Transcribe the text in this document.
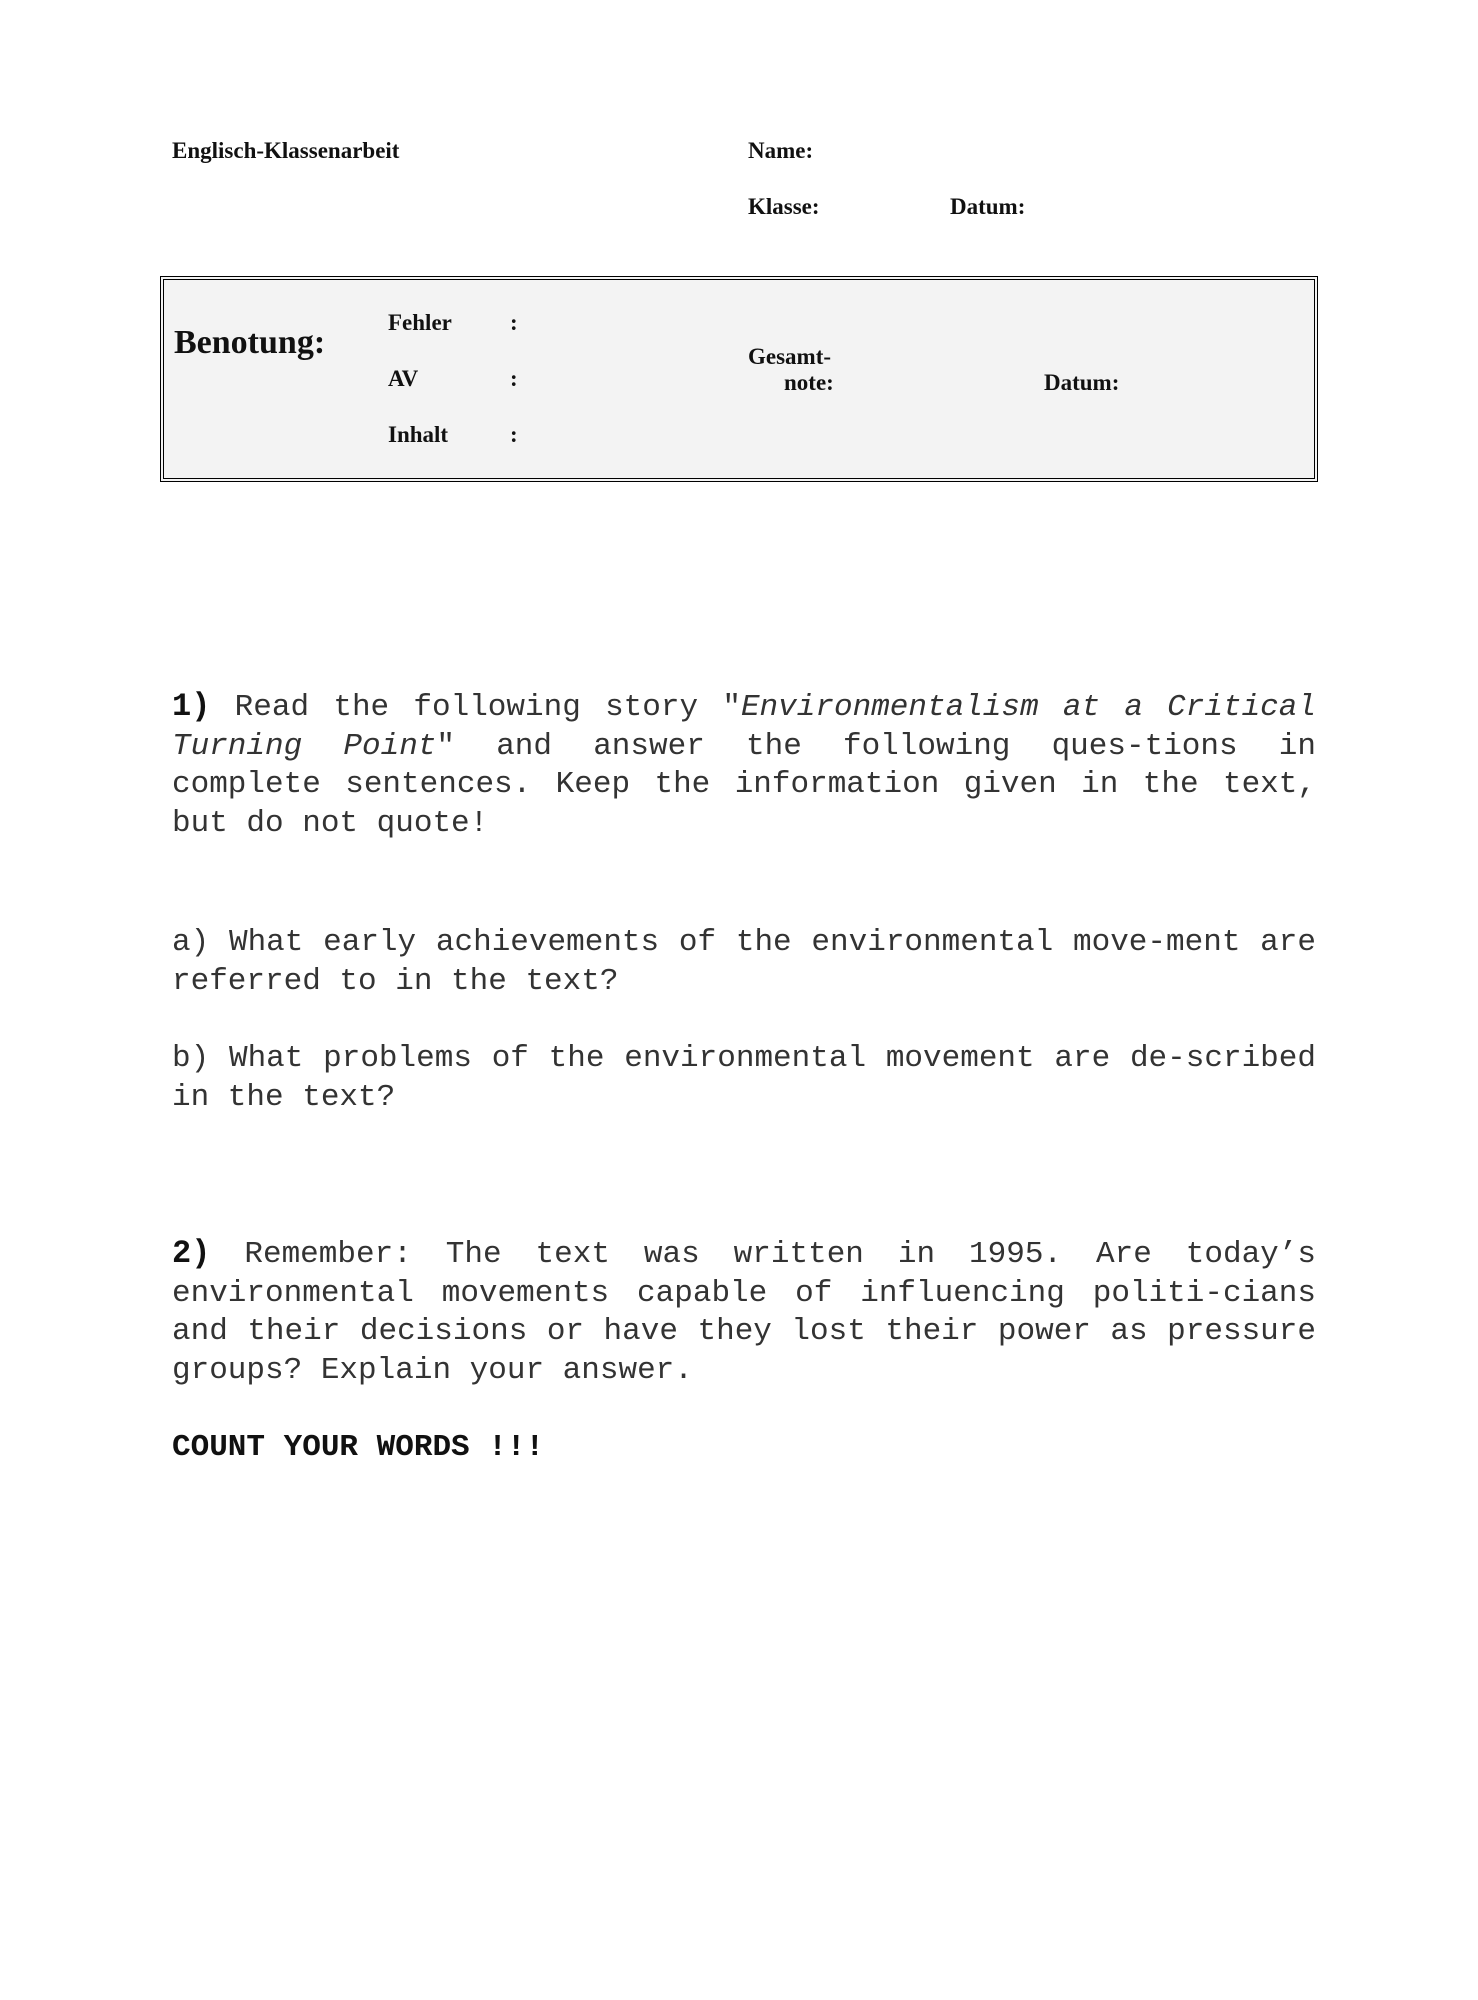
Englisch-Klassenarbeit	Name:
Klasse:	Datum:
Benotung:
Fehler	:
AV	:
Inhalt	:
Gesamt-
note:	Datum:

1) Read the following story "Environmentalism at a Critical Turning Point" and answer the following ques-tions in complete sentences. Keep the information given in the text, but do not quote!

a) What early achievements of the environmental move-ment are referred to in the text?

b) What problems of the environmental movement are de-scribed in the text?

2) Remember: The text was written in 1995. Are today’s environmental movements capable of influencing politi-cians and their decisions or have they lost their power as pressure groups? Explain your answer.

COUNT YOUR WORDS !!!
